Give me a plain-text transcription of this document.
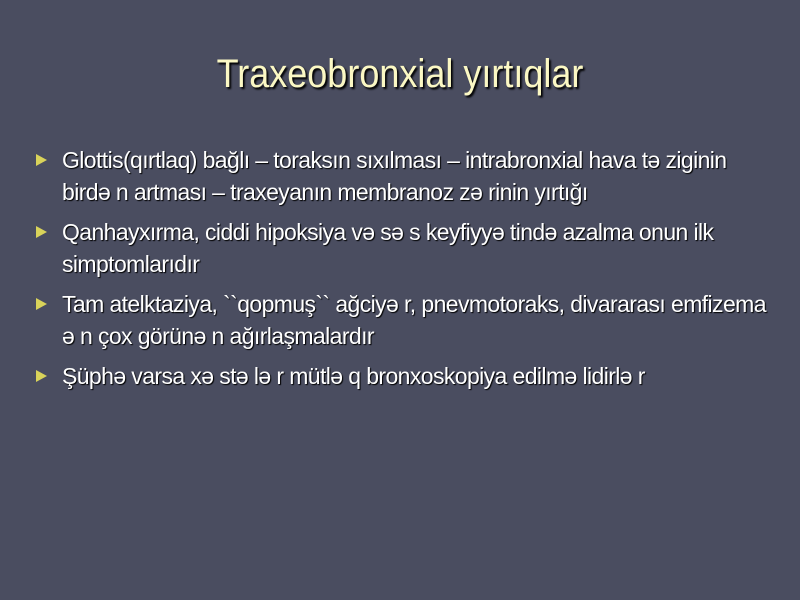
Traxeobronxial yırtıqlar
Glottis(qırtlaq) bağlı – toraksın sıxılması – intrabronxial hava tə ziginin birdə n artması – traxeyanın membranoz zə rinin yırtığı
Qanhayxırma, ciddi hipoksiya və sə s keyfiyyə tində azalma onun ilk simptomlarıdır
Tam atelktaziya, ``qopmuş`` ağciyə r, pnevmotoraks, divararası emfizema ə n çox görünə n ağırlaşmalardır
Şüphə varsa xə stə lə r mütlə q bronxoskopiya edilmə lidirlə r
